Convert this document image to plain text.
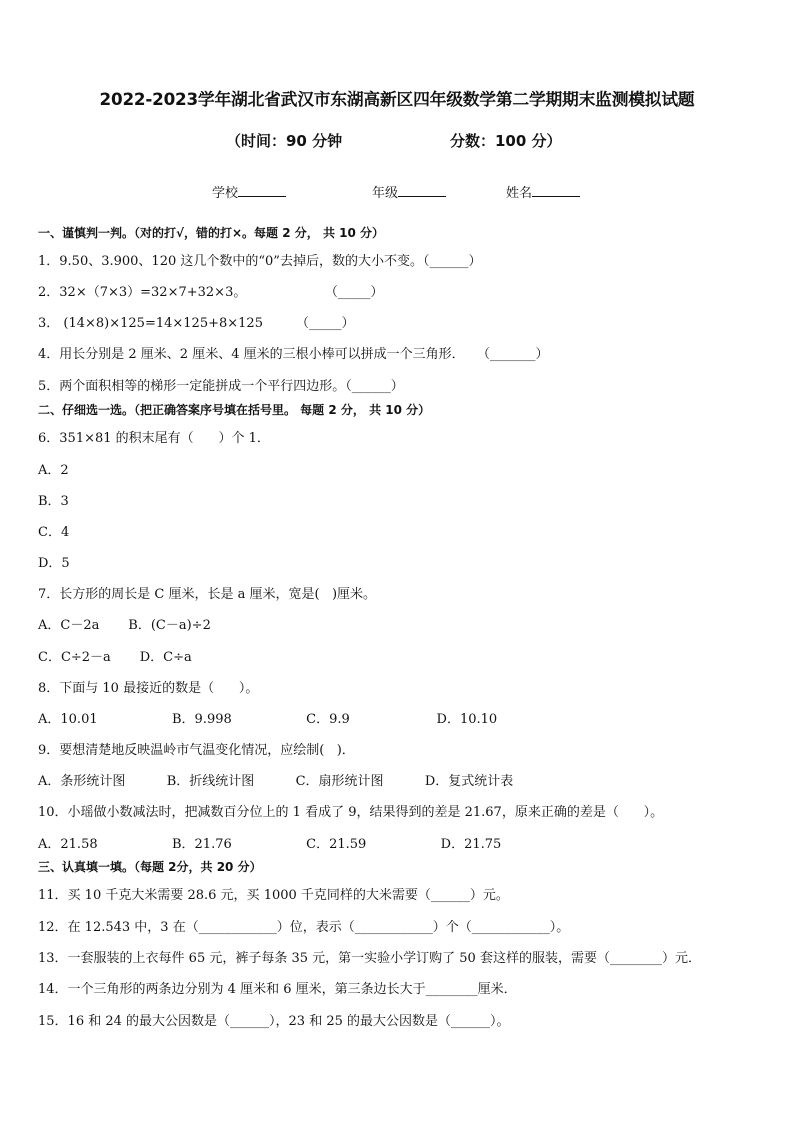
2022-2023学年湖北省武汉市东湖高新区四年级数学第二学期期末监测模拟试题
（时间：90 分钟	分数：100 分）
学校	年级	姓名
一、谨慎判一判。（对的打√，错的打×。每题 2 分， 共 10 分）
1．9.50、3.900、120 这几个数中的“0”去掉后，数的大小不变。（______）
2．32×（7×3）=32×7+32×3。                   （_____）
3． (14×8)×125=14×125+8×125        （_____）
4．用长分别是 2 厘米、2 厘米、4 厘米的三根小棒可以拼成一个三角形．   （_______）
5．两个面积相等的梯形一定能拼成一个平行四边形。（______）
二、仔细选一选。（把正确答案序号填在括号里。 每题 2 分， 共 10 分）
6．351×81 的积末尾有（      ）个 1．
A．2
B．3
C．4
D．5
7．长方形的周长是 C 厘米，长是 a 厘米，宽是(   )厘米。
A．C－2a       B．(C－a)÷2
C．C÷2－a       D．C÷a
8．下面与 10 最接近的数是（      ）。
A．10.01                  B．9.998                  C．9.9                     D．10.10
9．要想清楚地反映温岭市气温变化情况，应绘制(   )．
A．条形统计图          B．折线统计图          C．扇形统计图          D．复式统计表
10．小瑶做小数减法时，把减数百分位上的 1 看成了 9，结果得到的差是 21.67，原来正确的差是（      ）。
A．21.58                  B．21.76                  C．21.59                  D．21.75
三、认真填一填。（每题 2分，共 20 分）
11．买 10 千克大米需要 28.6 元，买 1000 千克同样的大米需要（______）元。
12．在 12.543 中，3 在（____________）位，表示（____________）个（____________）。
13．一套服装的上衣每件 65 元，裤子每条 35 元，第一实验小学订购了 50 套这样的服装，需要（________）元．
14．一个三角形的两条边分别为 4 厘米和 6 厘米，第三条边长大于________厘米．
15．16 和 24 的最大公因数是（______），23 和 25 的最大公因数是（______）。
